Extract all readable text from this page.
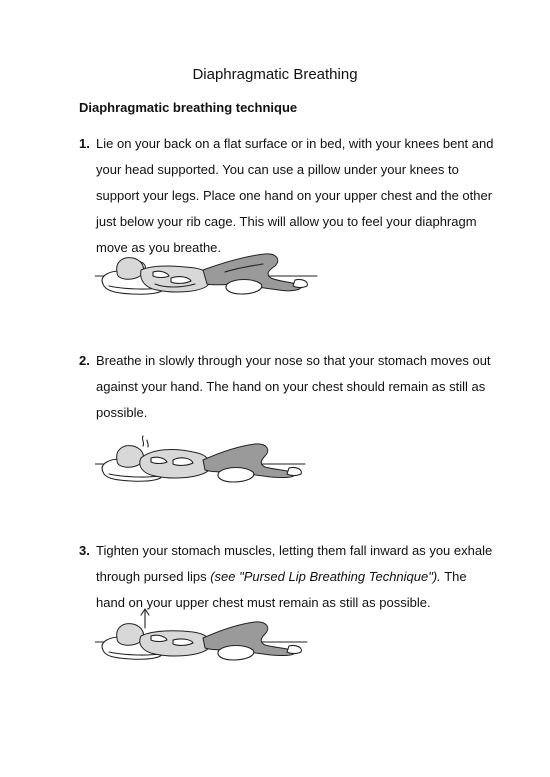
Diaphragmatic Breathing
Diaphragmatic breathing technique
1. Lie on your back on a flat surface or in bed, with your knees bent and your head supported. You can use a pillow under your knees to support your legs. Place one hand on your upper chest and the other just below your rib cage. This will allow you to feel your diaphragm move as you breathe.
2. Breathe in slowly through your nose so that your stomach moves out against your hand. The hand on your chest should remain as still as possible.
3. Tighten your stomach muscles, letting them fall inward as you exhale through pursed lips (see "Pursed Lip Breathing Technique"). The hand on your upper chest must remain as still as possible.
